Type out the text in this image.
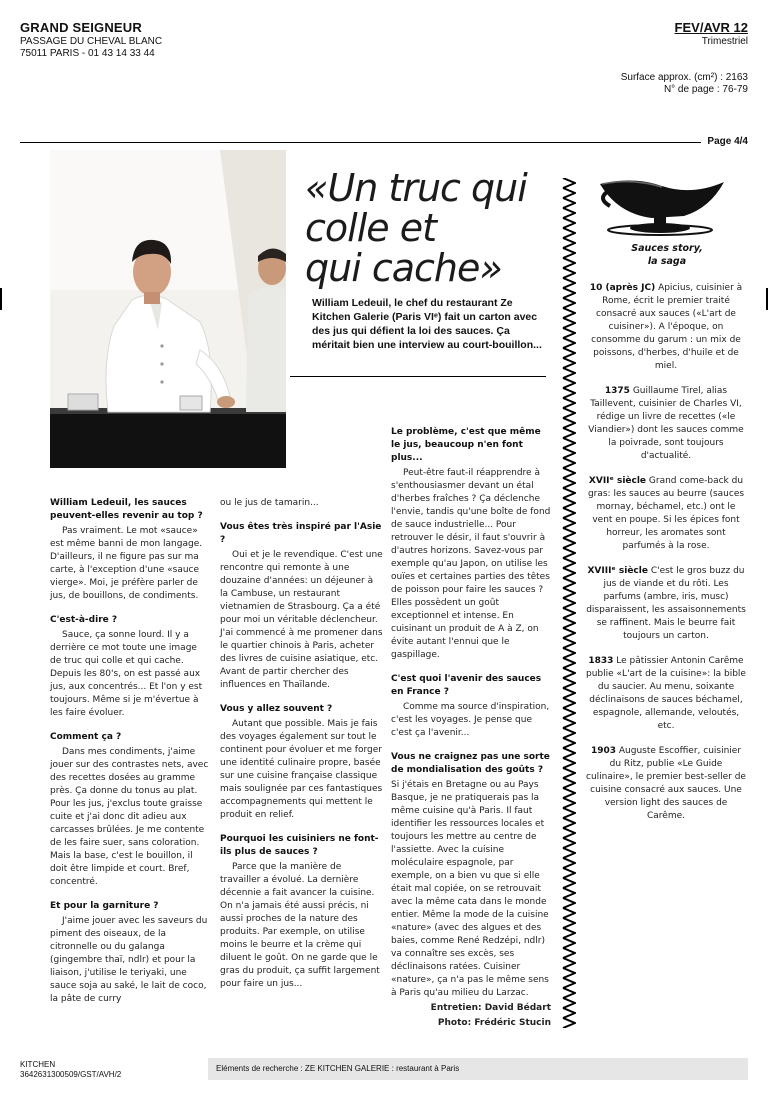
GRAND SEIGNEUR
PASSAGE DU CHEVAL BLANC
75011 PARIS - 01 43 14 33 44
FEV/AVR 12
Trimestriel
Surface approx. (cm²) : 2163
N° de page : 76-79
Page 4/4
«Un truc qui
colle et
qui cache»
William Ledeuil, le chef du restaurant Ze Kitchen Galerie (Paris VIᵉ) fait un carton avec des jus qui défient la loi des sauces. Ça méritait bien une interview au court-bouillon...

William Ledeuil, les sauces peuvent-elles revenir au top ?

Pas vraiment. Le mot «sauce» est même banni de mon langage. D'ailleurs, il ne figure pas sur ma carte, à l'exception d'une «sauce vierge». Moi, je préfère parler de jus, de bouillons, de condiments.

C'est-à-dire ?

Sauce, ça sonne lourd. Il y a derrière ce mot toute une image de truc qui colle et qui cache. Depuis les 80's, on est passé aux jus, aux concentrés... Et l'on y est toujours. Même si je m'évertue à les faire évoluer.

Comment ça ?

Dans mes condiments, j'aime jouer sur des contrastes nets, avec des recettes dosées au gramme près. Ça donne du tonus au plat. Pour les jus, j'exclus toute graisse cuite et j'ai donc dit adieu aux carcasses brûlées. Je me contente de les faire suer, sans coloration. Mais la base, c'est le bouillon, il doit être limpide et court. Bref, concentré.

Et pour la garniture ?

J'aime jouer avec les saveurs du piment des oiseaux, de la citronnelle ou du galanga (gingembre thaï, ndlr) et pour la liaison, j'utilise le teriyaki, une sauce soja au saké, le lait de coco, la pâte de curry

ou le jus de tamarin...

Vous êtes très inspiré par l'Asie ?

Oui et je le revendique. C'est une rencontre qui remonte à une douzaine d'années: un déjeuner à la Cambuse, un restaurant vietnamien de Strasbourg. Ça a été pour moi un véritable déclencheur. J'ai commencé à me promener dans le quartier chinois à Paris, acheter des livres de cuisine asiatique, etc. Avant de partir chercher des influences en Thaïlande.

Vous y allez souvent ?

Autant que possible. Mais je fais des voyages également sur tout le continent pour évoluer et me forger une identité culinaire propre, basée sur une cuisine française classique mais soulignée par ces fantastiques accompagnements qui mettent le produit en relief.

Pourquoi les cuisiniers ne font-ils plus de sauces ?

Parce que la manière de travailler a évolué. La dernière décennie a fait avancer la cuisine. On n'a jamais été aussi précis, ni aussi proches de la nature des produits. Par exemple, on utilise moins le beurre et la crème qui diluent le goût. On ne garde que le gras du produit, ça suffit largement pour faire un jus...

Le problème, c'est que même le jus, beaucoup n'en font plus...

Peut-être faut-il réapprendre à s'enthousiasmer devant un étal d'herbes fraîches ? Ça déclenche l'envie, tandis qu'une boîte de fond de sauce industrielle... Pour retrouver le désir, il faut s'ouvrir à d'autres horizons. Savez-vous par exemple qu'au Japon, on utilise les ouïes et certaines parties des têtes de poisson pour faire les sauces ? Elles possèdent un goût exceptionnel et intense. En cuisinant un produit de A à Z, on évite autant l'ennui que le gaspillage.

C'est quoi l'avenir des sauces en France ?

Comme ma source d'inspiration, c'est les voyages. Je pense que c'est ça l'avenir...

Vous ne craignez pas une sorte de mondialisation des goûts ?

Si j'étais en Bretagne ou au Pays Basque, je ne pratiquerais pas la même cuisine qu'à Paris. Il faut identifier les ressources locales et toujours les mettre au centre de l'assiette. Avec la cuisine moléculaire espagnole, par exemple, on a bien vu que si elle était mal copiée, on se retrouvait avec la même cata dans le monde entier. Même la mode de la cuisine «nature» (avec des algues et des baies, comme René Redzépi, ndlr) va connaître ses excès, ses déclinaisons ratées. Cuisiner «nature», ça n'a pas le même sens à Paris qu'au milieu du Larzac.

Entretien: David Bédart

Photo: Frédéric Stucin

Sauces story,
la saga

10 (après JC) Apicius, cuisinier à Rome, écrit le premier traité consacré aux sauces («L'art de cuisiner»). A l'époque, on consomme du garum : un mix de poissons, d'herbes, d'huile et de miel.

1375 Guillaume Tirel, alias Taillevent, cuisinier de Charles VI, rédige un livre de recettes («le Viandier») dont les sauces comme la poivrade, sont toujours d'actualité.

XVIIᵉ siècle Grand come-back du gras: les sauces au beurre (sauces mornay, béchamel, etc.) ont le vent en poupe. Si les épices font horreur, les aromates sont parfumés à la rose.

XVIIIᵉ siècle C'est le gros buzz du jus de viande et du rôti. Les parfums (ambre, iris, musc) disparaissent, les assaisonnements se raffinent. Mais le beurre fait toujours un carton.

1833 Le pâtissier Antonin Carême publie «L'art de la cuisine»: la bible du saucier. Au menu, soixante déclinaisons de sauces béchamel, espagnole, allemande, veloutés, etc.

1903 Auguste Escoffier, cuisinier du Ritz, publie «Le Guide culinaire», le premier best-seller de cuisine consacré aux sauces. Une version light des sauces de Carême.

KITCHEN
3642631300509/GST/AVH/2
Eléments de recherche : ZE KITCHEN GALERIE : restaurant à Paris
